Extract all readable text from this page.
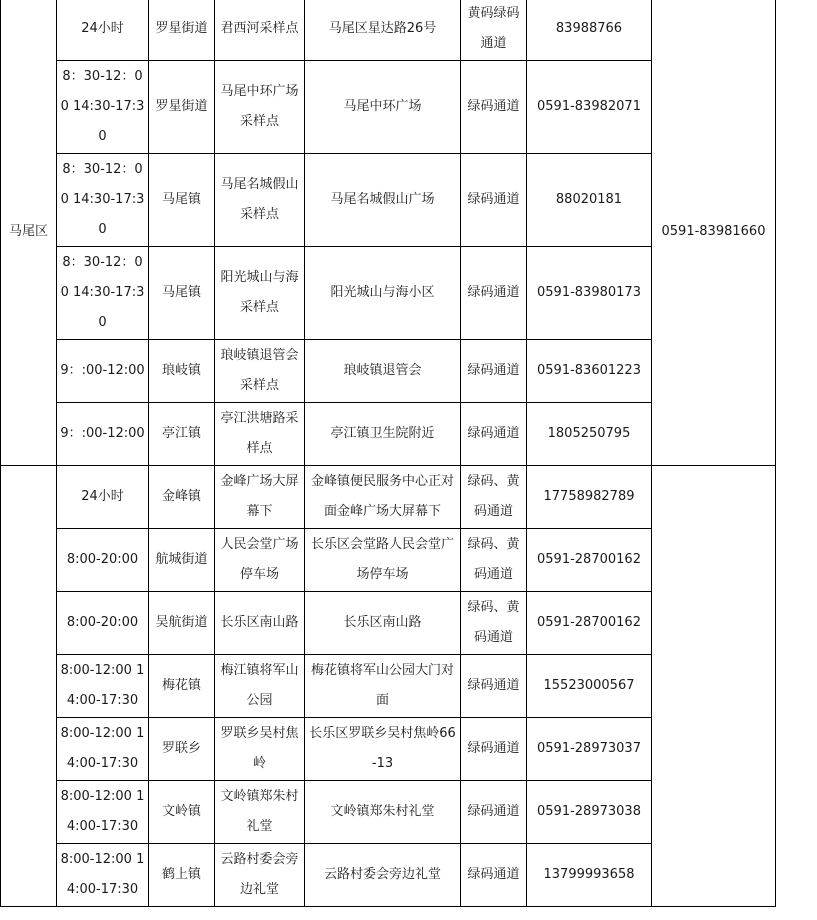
马尾区	24小时	罗星街道	君西河采样点	马尾区星达路26号	黄码绿码通道	83988766	0591-83981660
	8：30-12：00 14:30-17:30	罗星街道	马尾中环广场采样点	马尾中环广场	绿码通道	0591-83982071	
	8：30-12：00 14:30-17:30	马尾镇	马尾名城假山采样点	马尾名城假山广场	绿码通道	88020181	
	8：30-12：00 14:30-17:30	马尾镇	阳光城山与海采样点	阳光城山与海小区	绿码通道	0591-83980173	
	9：:00-12:00	琅岐镇	琅岐镇退管会采样点	琅岐镇退管会	绿码通道	0591-83601223	
	9：:00-12:00	亭江镇	亭江洪塘路采样点	亭江镇卫生院附近	绿码通道	1805250795	
	24小时	金峰镇	金峰广场大屏幕下	金峰镇便民服务中心正对面金峰广场大屏幕下	绿码、黄码通道	17758982789	
	8:00-20:00	航城街道	人民会堂广场停车场	长乐区会堂路人民会堂广场停车场	绿码、黄码通道	0591-28700162	
	8:00-20:00	吴航街道	长乐区南山路	长乐区南山路	绿码、黄码通道	0591-28700162	
	8:00-12:00 14:00-17:30	梅花镇	梅江镇将军山公园	梅花镇将军山公园大门对面	绿码通道	15523000567	
	8:00-12:00 14:00-17:30	罗联乡	罗联乡吴村焦岭	长乐区罗联乡吴村焦岭66-13	绿码通道	0591-28973037	
	8:00-12:00 14:00-17:30	文岭镇	文岭镇郑朱村礼堂	文岭镇郑朱村礼堂	绿码通道	0591-28973038	
	8:00-12:00 14:00-17:30	鹤上镇	云路村委会旁边礼堂	云路村委会旁边礼堂	绿码通道	13799993658	
